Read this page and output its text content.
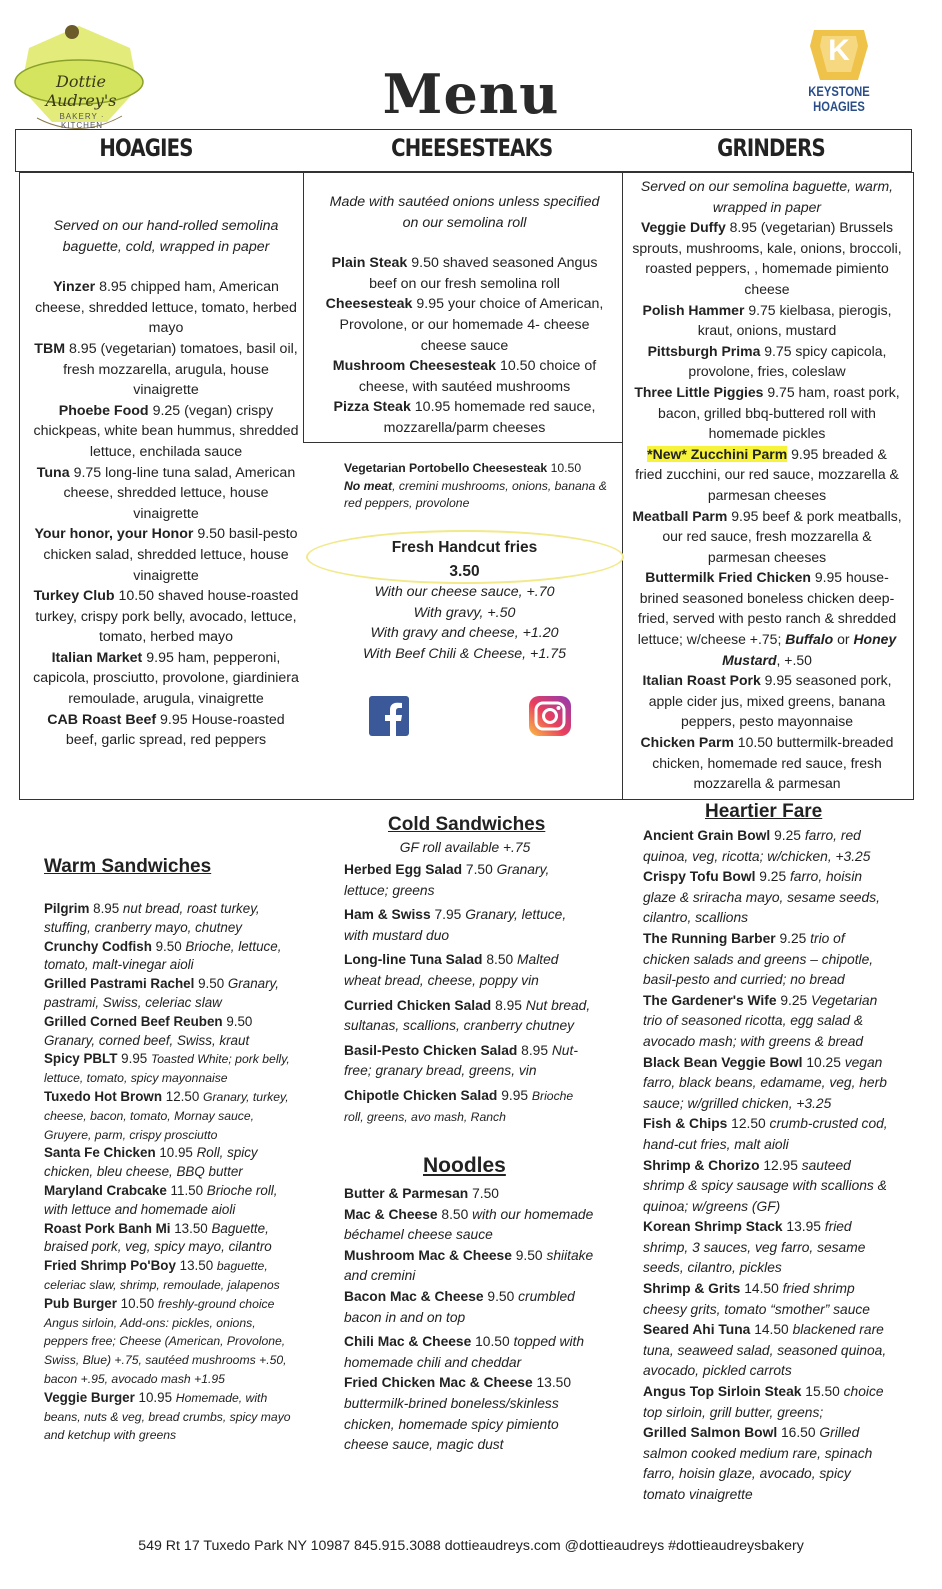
Dottie Audrey's
BAKERY · KITCHEN	Menu
K
KEYSTONE
HOAGIES
HOAGIES	CHEESESTEAKS	GRINDERS
Served on our hand-rolled semolina baguette, cold, wrapped in paper
Yinzer 8.95 chipped ham, American cheese, shredded lettuce, tomato, herbed mayo
TBM 8.95 (vegetarian) tomatoes, basil oil, fresh mozzarella, arugula, house vinaigrette
Phoebe Food 9.25 (vegan) crispy chickpeas, white bean hummus, shredded lettuce, enchilada sauce
Tuna 9.75 long-line tuna salad, American cheese, shredded lettuce, house vinaigrette
Your honor, your Honor 9.50 basil-pesto chicken salad, shredded lettuce, house vinaigrette
Turkey Club 10.50 shaved house-roasted turkey, crispy pork belly, avocado, lettuce, tomato, herbed mayo
Italian Market 9.95 ham, pepperoni, capicola, prosciutto, provolone, giardiniera remoulade, arugula, vinaigrette
CAB Roast Beef 9.95 House-roasted beef, garlic spread, red peppers
Made with sautéed onions unless specified on our semolina roll
Plain Steak 9.50 shaved seasoned Angus beef on our fresh semolina roll
Cheesesteak 9.95 your choice of American, Provolone, or our homemade 4- cheese cheese sauce
Mushroom Cheesesteak 10.50 choice of cheese, with sautéed mushrooms
Pizza Steak 10.95 homemade red sauce, mozzarella/parm cheeses
Vegetarian Portobello Cheesesteak 10.50
No meat, cremini mushrooms, onions, banana & red peppers, provolone
Fresh Handcut fries
3.50
With our cheese sauce, +.70
With gravy, +.50
With gravy and cheese, +1.20
With Beef Chili & Cheese, +1.75
Served on our semolina baguette, warm, wrapped in paper
Veggie Duffy 8.95 (vegetarian) Brussels sprouts, mushrooms, kale, onions, broccoli, roasted peppers, , homemade pimiento cheese
Polish Hammer 9.75 kielbasa, pierogis, kraut, onions, mustard
Pittsburgh Prima 9.75 spicy capicola, provolone, fries, coleslaw
Three Little Piggies 9.75 ham, roast pork, bacon, grilled bbq-buttered roll with homemade pickles
*New* Zucchini Parm 9.95 breaded & fried zucchini, our red sauce, mozzarella & parmesan cheeses
Meatball Parm 9.95 beef & pork meatballs, our red sauce, fresh mozzarella & parmesan cheeses
Buttermilk Fried Chicken 9.95 house-brined seasoned boneless chicken deep-fried, served with pesto ranch & shredded lettuce; w/cheese +.75; Buffalo or Honey Mustard, +.50
Italian Roast Pork 9.95 seasoned pork, apple cider jus, mixed greens, banana peppers, pesto mayonnaise
Chicken Parm 10.50 buttermilk-breaded chicken, homemade red sauce, fresh mozzarella & parmesan
Warm Sandwiches
Pilgrim 8.95 nut bread, roast turkey, stuffing, cranberry mayo, chutney
Crunchy Codfish 9.50 Brioche, lettuce, tomato, malt-vinegar aioli
Grilled Pastrami Rachel 9.50 Granary, pastrami, Swiss, celeriac slaw
Grilled Corned Beef Reuben 9.50 Granary, corned beef, Swiss, kraut
Spicy PBLT 9.95 Toasted White; pork belly, lettuce, tomato, spicy mayonnaise
Tuxedo Hot Brown 12.50 Granary, turkey, cheese, bacon, tomato, Mornay sauce, Gruyere, parm, crispy prosciutto
Santa Fe Chicken 10.95 Roll, spicy chicken, bleu cheese, BBQ butter
Maryland Crabcake 11.50 Brioche roll, with lettuce and homemade aioli
Roast Pork Banh Mi 13.50 Baguette, braised pork, veg, spicy mayo, cilantro
Fried Shrimp Po'Boy 13.50 baguette, celeriac slaw, shrimp, remoulade, jalapenos
Pub Burger 10.50 freshly-ground choice Angus sirloin, Add-ons: pickles, onions, peppers free; Cheese (American, Provolone, Swiss, Blue) +.75, sautéed mushrooms +.50, bacon +.95, avocado mash +1.95
Veggie Burger 10.95 Homemade, with beans, nuts & veg, bread crumbs, spicy mayo and ketchup with greens
Cold Sandwiches
GF roll available +.75
Herbed Egg Salad 7.50 Granary, lettuce; greens
Ham & Swiss 7.95 Granary, lettuce, with mustard duo
Long-line Tuna Salad 8.50 Malted wheat bread, cheese, poppy vin
Curried Chicken Salad 8.95 Nut bread, sultanas, scallions, cranberry chutney
Basil-Pesto Chicken Salad 8.95 Nut-free; granary bread, greens, vin
Chipotle Chicken Salad 9.95 Brioche roll, greens, avo mash, Ranch
Noodles
Butter & Parmesan 7.50
Mac & Cheese 8.50 with our homemade béchamel cheese sauce
Mushroom Mac & Cheese 9.50 shiitake and cremini
Bacon Mac & Cheese 9.50 crumbled bacon in and on top
Chili Mac & Cheese 10.50 topped with homemade chili and cheddar
Fried Chicken Mac & Cheese 13.50 buttermilk-brined boneless/skinless chicken, homemade spicy pimiento cheese sauce, magic dust
Heartier Fare
Ancient Grain Bowl 9.25 farro, red quinoa, veg, ricotta; w/chicken, +3.25
Crispy Tofu Bowl 9.25 farro, hoisin glaze & sriracha mayo, sesame seeds, cilantro, scallions
The Running Barber 9.25 trio of chicken salads and greens – chipotle, basil-pesto and curried; no bread
The Gardener's Wife 9.25 Vegetarian trio of seasoned ricotta, egg salad & avocado mash; with greens & bread
Black Bean Veggie Bowl 10.25 vegan farro, black beans, edamame, veg, herb sauce; w/grilled chicken, +3.25
Fish & Chips 12.50 crumb-crusted cod, hand-cut fries, malt aioli
Shrimp & Chorizo 12.95 sauteed shrimp & spicy sausage with scallions & quinoa; w/greens (GF)
Korean Shrimp Stack 13.95 fried shrimp, 3 sauces, veg farro, sesame seeds, cilantro, pickles
Shrimp & Grits 14.50 fried shrimp cheesy grits, tomato “smother” sauce
Seared Ahi Tuna 14.50 blackened rare tuna, seaweed salad, seasoned quinoa, avocado, pickled carrots
Angus Top Sirloin Steak 15.50 choice top sirloin, grill butter, greens;
Grilled Salmon Bowl 16.50 Grilled salmon cooked medium rare, spinach farro, hoisin glaze, avocado, spicy tomato vinaigrette
549 Rt 17 Tuxedo Park NY 10987 845.915.3088 dottieaudreys.com @dottieaudreys #dottieaudreysbakery
